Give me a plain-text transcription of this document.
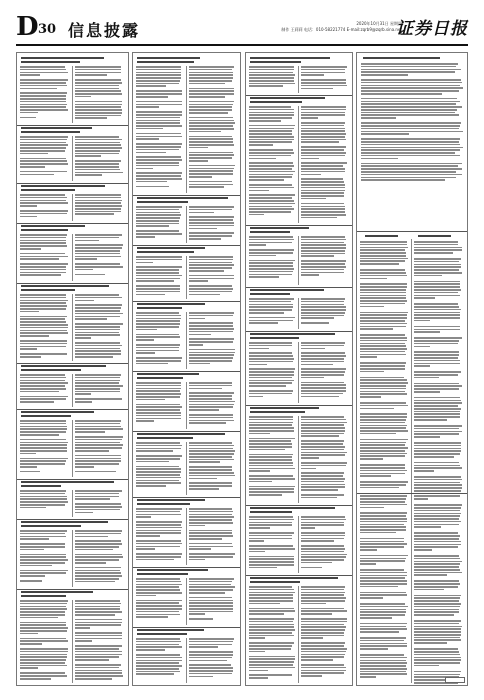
D 30 信息披露	2020年10月31日 星期四
制作 王莉莉 电话：010-58221774 E-mail:zqrb9@zqrb.sina.net
证券日报
